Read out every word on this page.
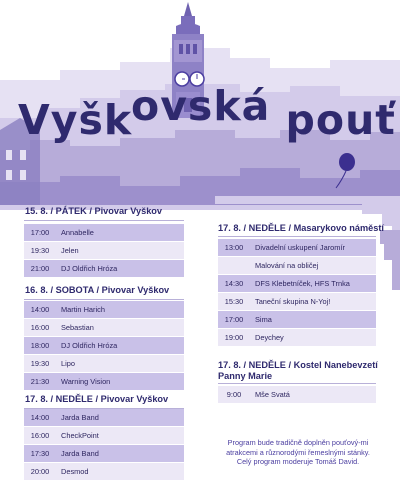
Vyškovská pouť
15. 8. / PÁTEK / Pivovar Vyškov
17:00	Annabelle
19:30	Jelen
21:00	DJ Oldřich Hróza
16. 8. / SOBOTA / Pivovar Vyškov
14:00	Martin Harich
16:00	Sebastian
18:00	DJ Oldřich Hróza
19:30	Lipo
21:30	Warning Vision
17. 8. / NEDĚLE / Pivovar Vyškov
14:00	Jarda Band
16:00	CheckPoint
17:30	Jarda Band
20:00	Desmod
17. 8. / NEDĚLE / Masarykovo náměstí
13:00	Divadelní uskupení Jaromír
Malování na obličej
14:30	DFS Klebetníček, HFS Trnka
15:30	Taneční skupina N-Yoj!
17:00	Sima
19:00	Deychey
17. 8. / NEDĚLE / Kostel Nanebevzetí Panny Marie
9:00	Mše Svatá
Program bude tradičně doplněn pouťový-mi atrakcemi a různorodými řemeslnými stánky. Celý program moderuje Tomáš David.
